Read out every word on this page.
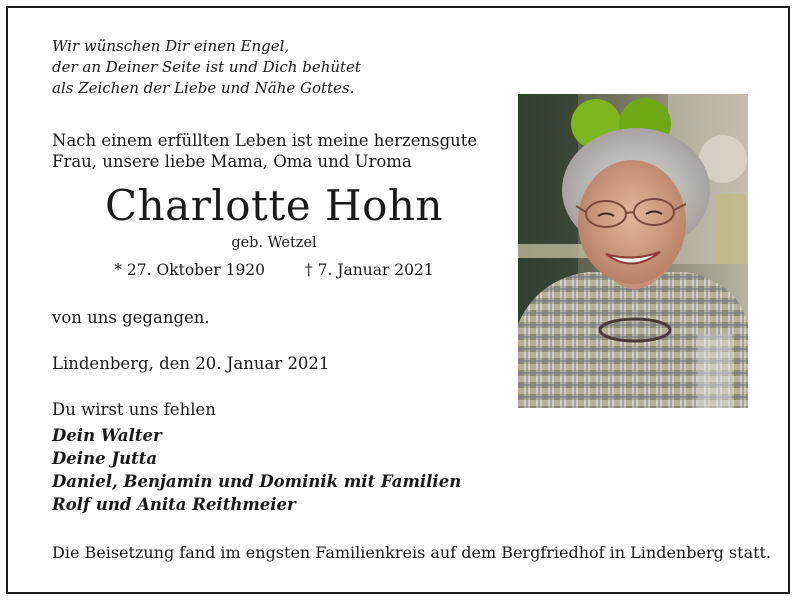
Wir wünschen Dir einen Engel,
der an Deiner Seite ist und Dich behütet
als Zeichen der Liebe und Nähe Gottes.
Nach einem erfüllten Leben ist meine herzensgute
Frau, unsere liebe Mama, Oma und Uroma
Charlotte Hohn
geb. Wetzel
* 27. Oktober 1920	† 7. Januar 2021
von uns gegangen.
Lindenberg, den 20. Januar 2021
Du wirst uns fehlen
Dein Walter
Deine Jutta
Daniel, Benjamin und Dominik mit Familien
Rolf und Anita Reithmeier
Die Beisetzung fand im engsten Familienkreis auf dem Bergfriedhof in Lindenberg statt.
